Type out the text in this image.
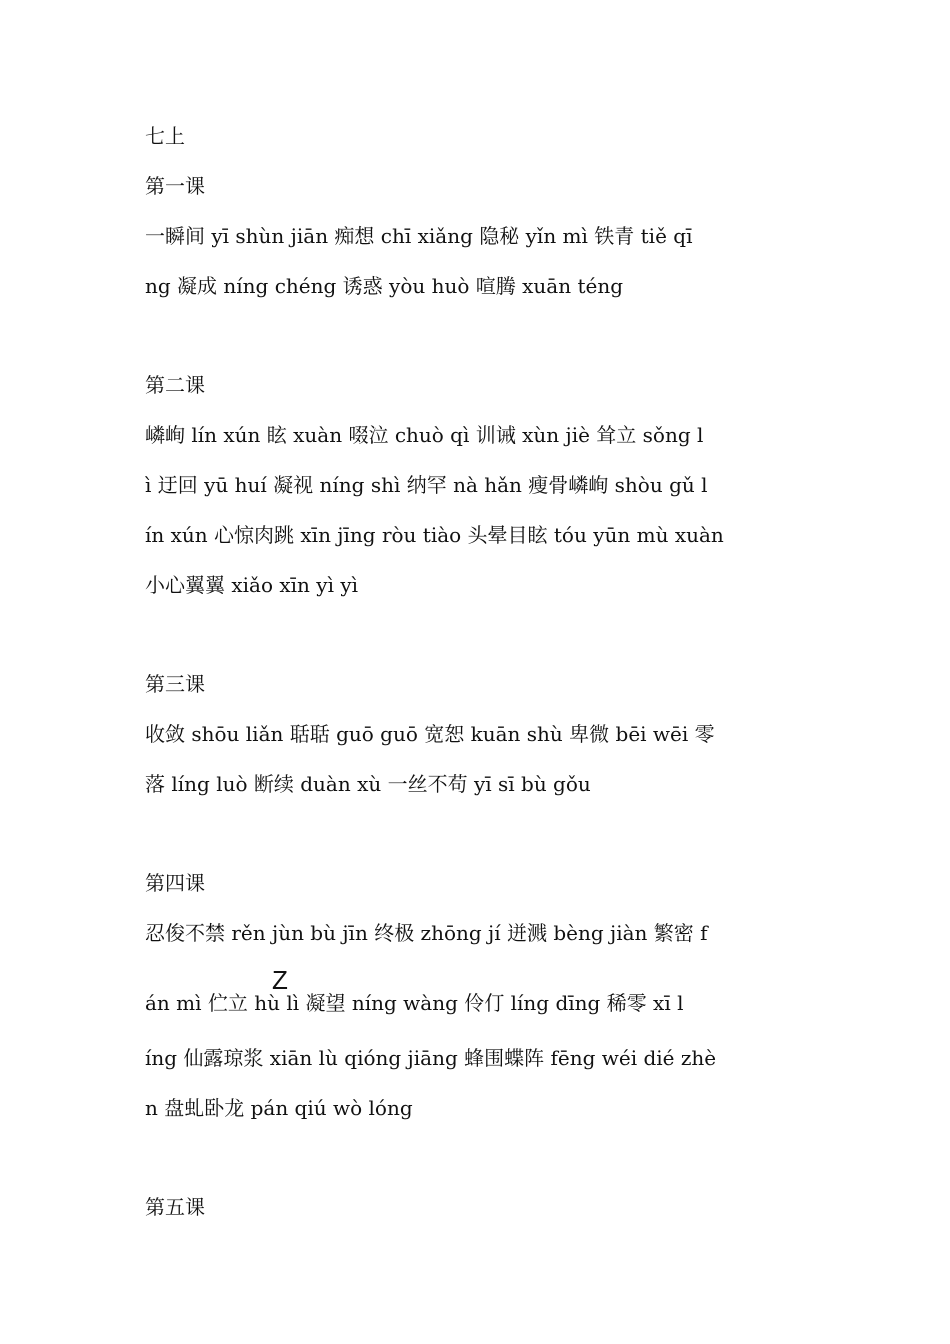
七上
第一课
一瞬间 yī shùn jiān 痴想 chī xiǎng 隐秘 yǐn mì 铁青 tiě qī
ng 凝成 níng chéng 诱惑 yòu huò 喧腾 xuān téng
第二课
嶙峋 lín xún 眩 xuàn 啜泣 chuò qì 训诫 xùn jiè 耸立 sǒng l
ì 迂回 yū huí 凝视 níng shì 纳罕 nà hǎn 瘦骨嶙峋 shòu gǔ l
ín xún 心惊肉跳 xīn jīng ròu tiào 头晕目眩 tóu yūn mù xuàn
小心翼翼 xiǎo xīn yì yì
第三课
收敛 shōu liǎn 聒聒 guō guō 宽恕 kuān shù 卑微 bēi wēi 零
落 líng luò 断续 duàn xù 一丝不苟 yī sī bù gǒu
第四课
忍俊不禁 rěn jùn bù jīn 终极 zhōng jí 迸溅 bèng jiàn 繁密 f
Z
án mì 伫立 hù lì 凝望 níng wàng 伶仃 líng dīng 稀零 xī l
íng 仙露琼浆 xiān lù qióng jiāng 蜂围蝶阵 fēng wéi dié zhè
n 盘虬卧龙 pán qiú wò lóng
第五课
